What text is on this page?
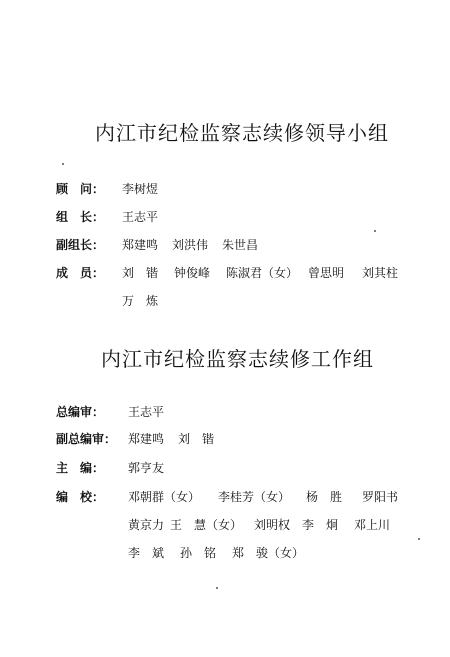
内江市纪检监察志续修领导小组
顾　问： 李树煜
组　长： 王志平
副组长： 郑建鸣 刘洪伟 朱世昌
成　员： 刘　锴 钟俊峰 陈淑君（女） 曾思明 刘其柱
万　炼
内江市纪检监察志续修工作组
总编审： 王志平
副总编审： 郑建鸣 刘　锴
主　编： 郭亨友
编　校： 邓朝群（女） 李桂芳（女） 杨　胜 罗阳书
黄京力 王　慧（女） 刘明权 李　炯 邓上川
李　斌 孙　铭 郑　骏（女）
